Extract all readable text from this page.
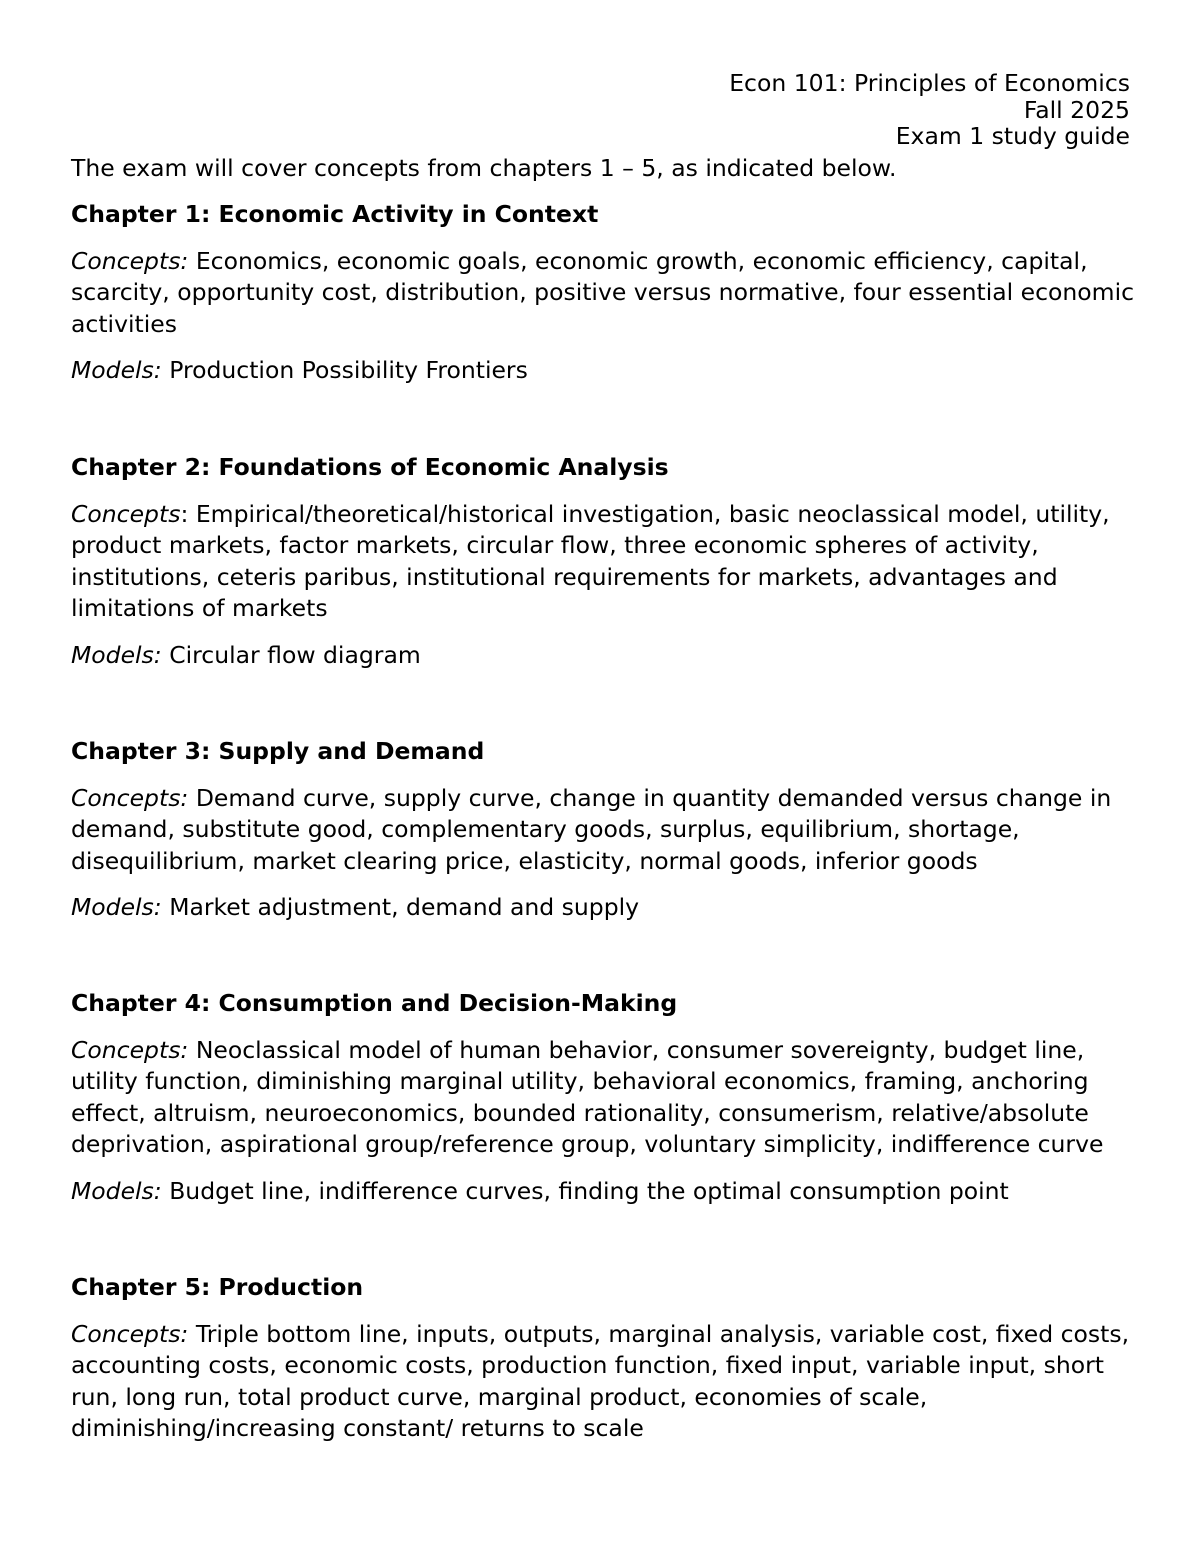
Econ 101: Principles of Economics
Fall 2025
Exam 1 study guide
The exam will cover concepts from chapters 1 – 5, as indicated below.
Chapter 1: Economic Activity in Context

Concepts: Economics, economic goals, economic growth, economic efficiency, capital, scarcity, opportunity cost, distribution, positive versus normative, four essential economic activities

Models: Production Possibility Frontiers

Chapter 2: Foundations of Economic Analysis

Concepts: Empirical/theoretical/historical investigation, basic neoclassical model, utility, product markets, factor markets, circular flow, three economic spheres of activity, institutions, ceteris paribus, institutional requirements for markets, advantages and limitations of markets

Models: Circular flow diagram

Chapter 3: Supply and Demand

Concepts: Demand curve, supply curve, change in quantity demanded versus change in demand, substitute good, complementary goods, surplus, equilibrium, shortage, disequilibrium, market clearing price, elasticity, normal goods, inferior goods

Models: Market adjustment, demand and supply

Chapter 4: Consumption and Decision-Making

Concepts: Neoclassical model of human behavior, consumer sovereignty, budget line, utility function, diminishing marginal utility, behavioral economics, framing, anchoring effect, altruism, neuroeconomics, bounded rationality, consumerism, relative/absolute deprivation, aspirational group/reference group, voluntary simplicity, indifference curve

Models: Budget line, indifference curves, finding the optimal consumption point

Chapter 5: Production

Concepts: Triple bottom line, inputs, outputs, marginal analysis, variable cost, fixed costs, accounting costs, economic costs, production function, fixed input, variable input, short run, long run, total product curve, marginal product, economies of scale, diminishing/increasing constant/ returns to scale
